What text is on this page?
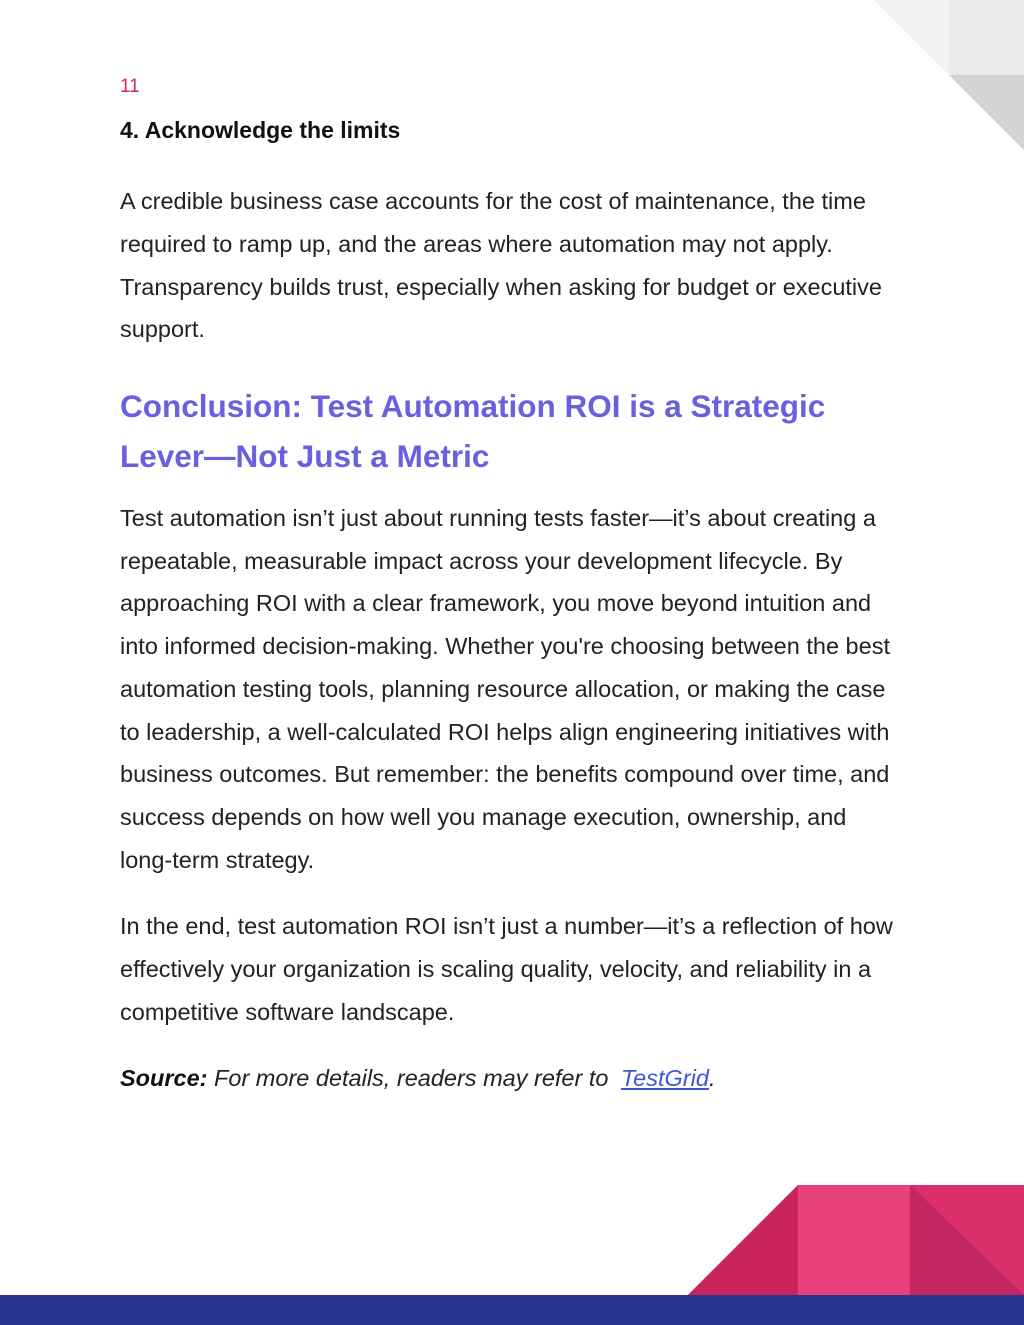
11
4. Acknowledge the limits

A credible business case accounts for the cost of maintenance, the time required to ramp up, and the areas where automation may not apply. Transparency builds trust, especially when asking for budget or executive support.

Conclusion: Test Automation ROI is a Strategic Lever—Not Just a Metric

Test automation isn’t just about running tests faster—it’s about creating a repeatable, measurable impact across your development lifecycle. By approaching ROI with a clear framework, you move beyond intuition and into informed decision-making. Whether you're choosing between the best automation testing tools, planning resource allocation, or making the case to leadership, a well-calculated ROI helps align engineering initiatives with business outcomes. But remember: the benefits compound over time, and success depends on how well you manage execution, ownership, and long-term strategy.

In the end, test automation ROI isn’t just a number—it’s a reflection of how effectively your organization is scaling quality, velocity, and reliability in a competitive software landscape.

Source: For more details, readers may refer to TestGrid.
